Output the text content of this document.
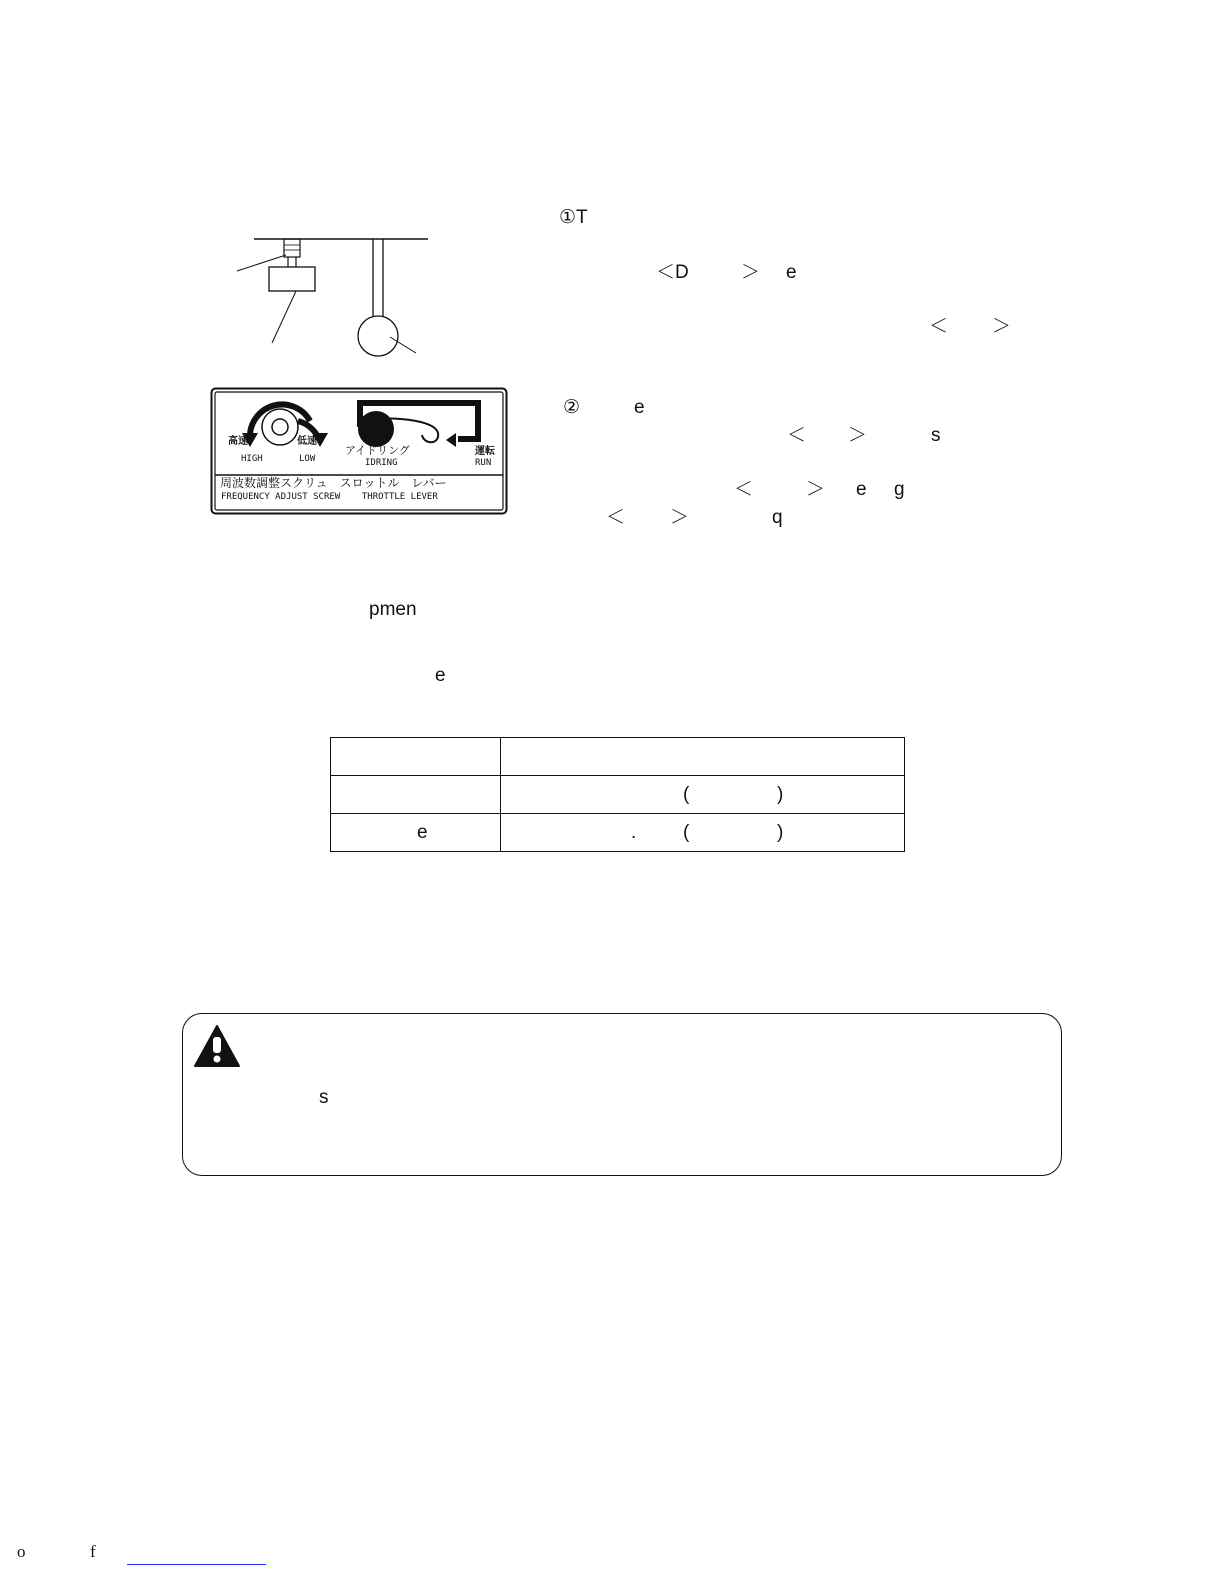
高速	低速
HIGH	LOW
アイドリング
IDRING
運転
RUN
周波数調整スクリュ　スロットル　レバー
FREQUENCY ADJUST SCREW    THROTTLE LEVER
①T
＜D	＞ e
＜ ＞
②	e
＜ ＞	s
＜	＞ e g
＜ ＞	q
pmen
e

	( )

e	. ( )
s
o	f
